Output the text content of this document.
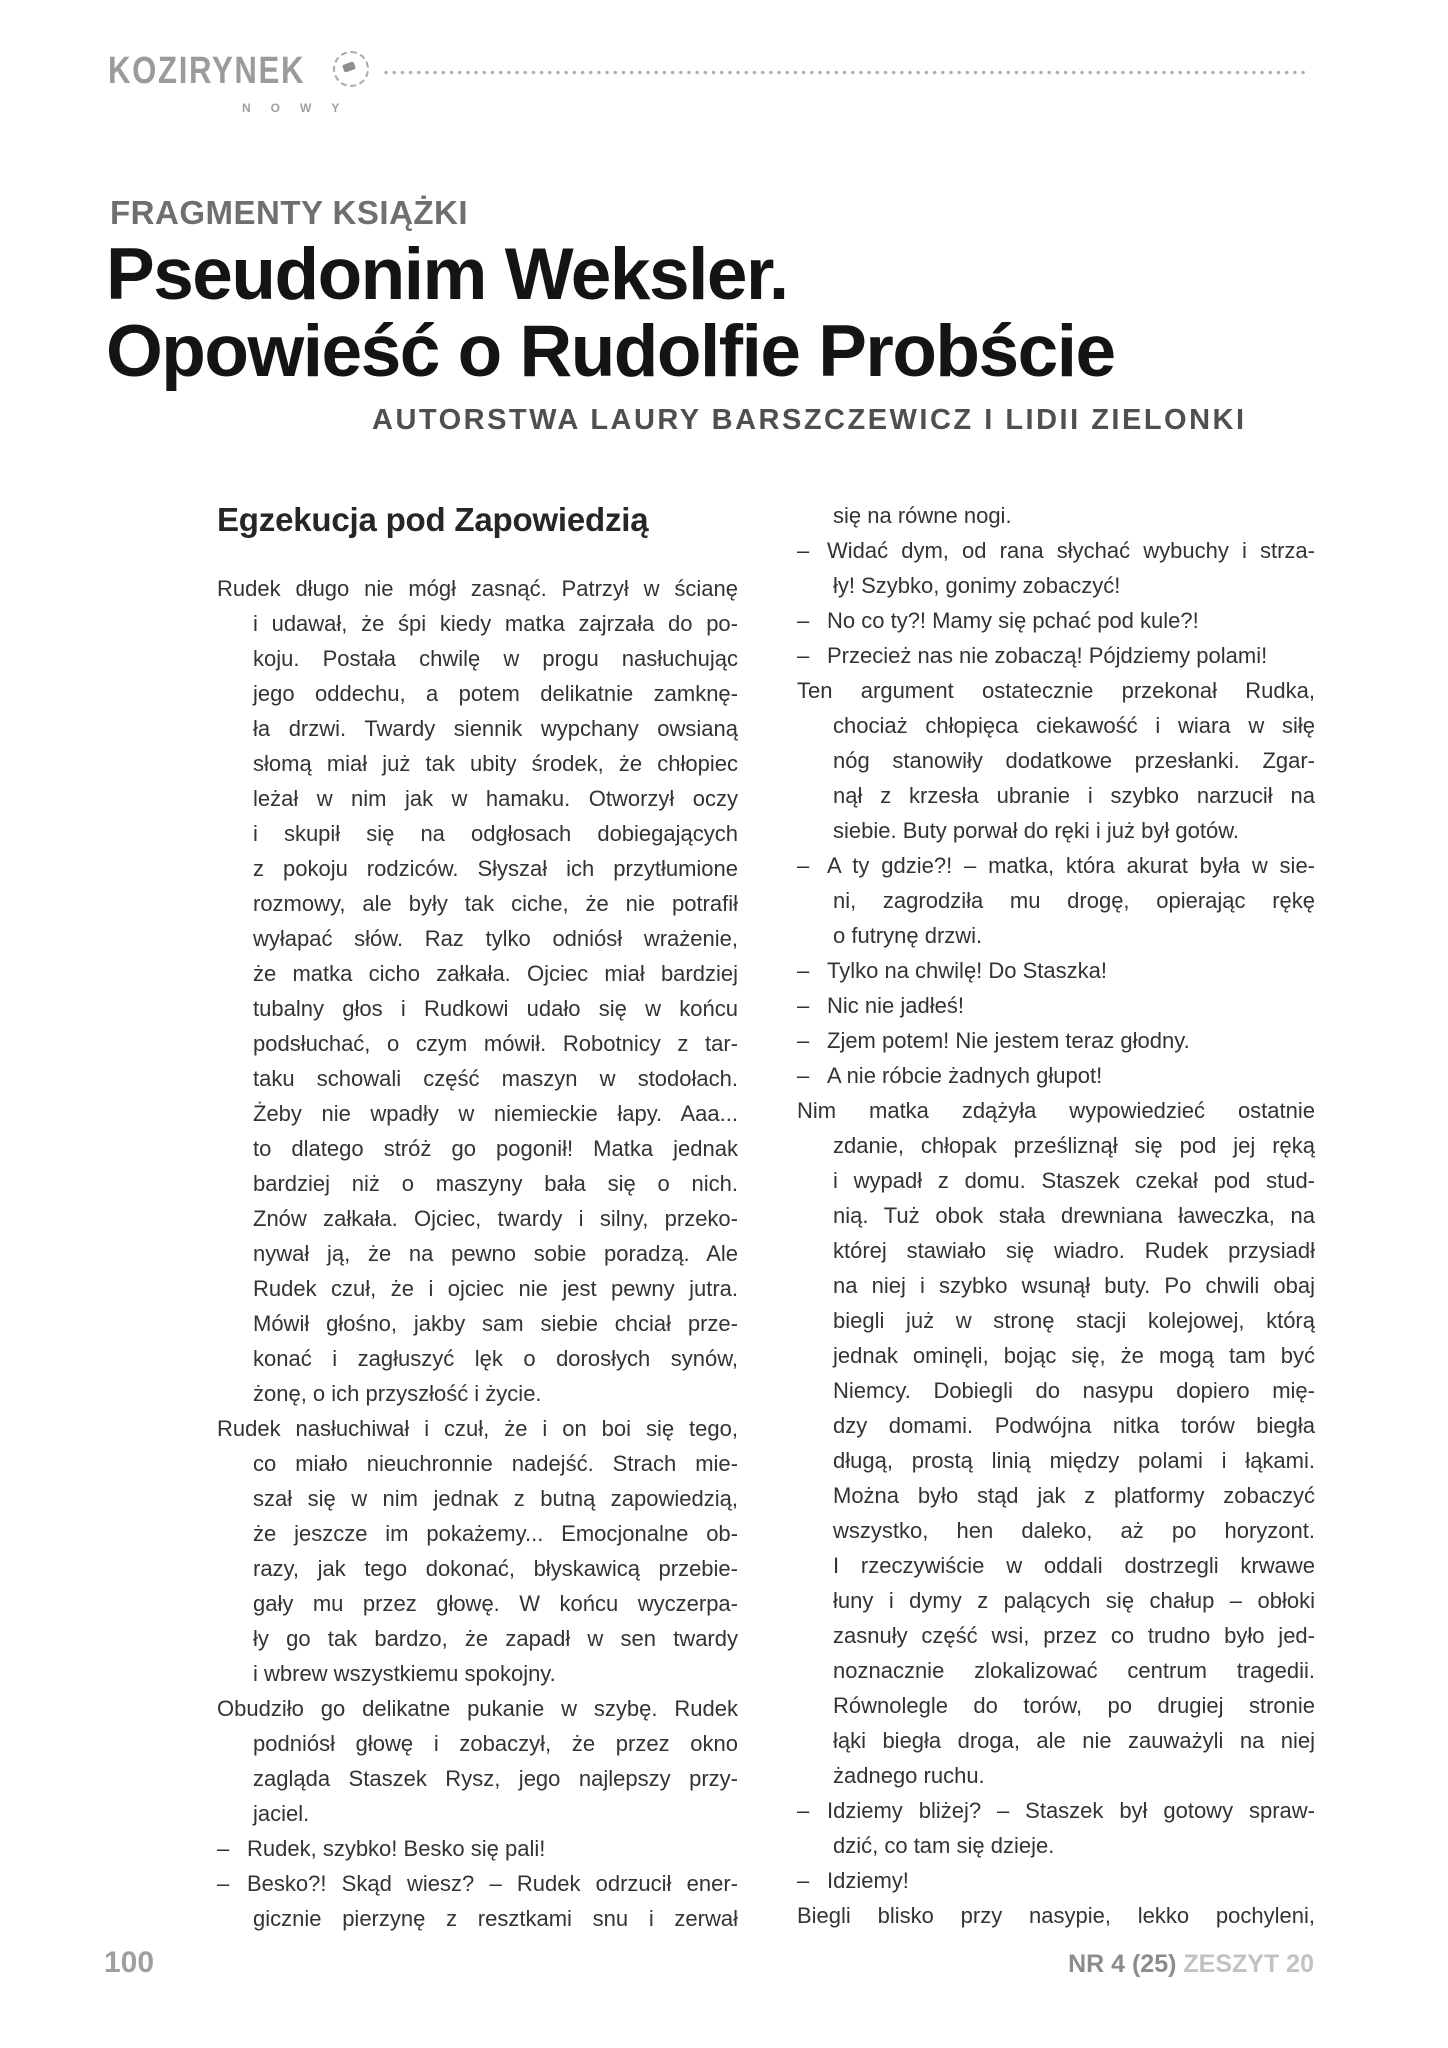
KOZIRYNEK
NOWY
FRAGMENTY KSIĄŻKI
Pseudonim Weksler.
Opowieść o Rudolfie Probście
AUTORSTWA LAURY BARSZCZEWICZ I LIDII ZIELONKI
Egzekucja pod Zapowiedzią
Rudek długo nie mógł zasnąć. Patrzył w ścianę
i udawał, że śpi kiedy matka zajrzała do po-
koju. Postała chwilę w progu nasłuchując
jego oddechu, a potem delikatnie zamknę-
ła drzwi. Twardy siennik wypchany owsianą
słomą miał już tak ubity środek, że chłopiec
leżał w nim jak w hamaku. Otworzył oczy
i skupił się na odgłosach dobiegających
z pokoju rodziców. Słyszał ich przytłumione
rozmowy, ale były tak ciche, że nie potrafił
wyłapać słów. Raz tylko odniósł wrażenie,
że matka cicho załkała. Ojciec miał bardziej
tubalny głos i Rudkowi udało się w końcu
podsłuchać, o czym mówił. Robotnicy z tar-
taku schowali część maszyn w stodołach.
Żeby nie wpadły w niemieckie łapy. Aaa...
to dlatego stróż go pogonił! Matka jednak
bardziej niż o maszyny bała się o nich.
Znów załkała. Ojciec, twardy i silny, przeko-
nywał ją, że na pewno sobie poradzą. Ale
Rudek czuł, że i ojciec nie jest pewny jutra.
Mówił głośno, jakby sam siebie chciał prze-
konać i zagłuszyć lęk o dorosłych synów,
żonę, o ich przyszłość i życie.
Rudek nasłuchiwał i czuł, że i on boi się tego,
co miało nieuchronnie nadejść. Strach mie-
szał się w nim jednak z butną zapowiedzią,
że jeszcze im pokażemy... Emocjonalne ob-
razy, jak tego dokonać, błyskawicą przebie-
gały mu przez głowę. W końcu wyczerpa-
ły go tak bardzo, że zapadł w sen twardy
i wbrew wszystkiemu spokojny.
Obudziło go delikatne pukanie w szybę. Rudek
podniósł głowę i zobaczył, że przez okno
zagląda Staszek Rysz, jego najlepszy przy-
jaciel.
– Rudek, szybko! Besko się pali!
– Besko?! Skąd wiesz? – Rudek odrzucił ener-
gicznie pierzynę z resztkami snu i zerwał
się na równe nogi.
– Widać dym, od rana słychać wybuchy i strza-
ły! Szybko, gonimy zobaczyć!
– No co ty?! Mamy się pchać pod kule?!
– Przecież nas nie zobaczą! Pójdziemy polami!
Ten argument ostatecznie przekonał Rudka,
chociaż chłopięca ciekawość i wiara w siłę
nóg stanowiły dodatkowe przesłanki. Zgar-
nął z krzesła ubranie i szybko narzucił na
siebie. Buty porwał do ręki i już był gotów.
– A ty gdzie?! – matka, która akurat była w sie-
ni, zagrodziła mu drogę, opierając rękę
o futrynę drzwi.
– Tylko na chwilę! Do Staszka!
– Nic nie jadłeś!
– Zjem potem! Nie jestem teraz głodny.
– A nie róbcie żadnych głupot!
Nim matka zdążyła wypowiedzieć ostatnie
zdanie, chłopak prześliznął się pod jej ręką
i wypadł z domu. Staszek czekał pod stud-
nią. Tuż obok stała drewniana ławeczka, na
której stawiało się wiadro. Rudek przysiadł
na niej i szybko wsunął buty. Po chwili obaj
biegli już w stronę stacji kolejowej, którą
jednak ominęli, bojąc się, że mogą tam być
Niemcy. Dobiegli do nasypu dopiero mię-
dzy domami. Podwójna nitka torów biegła
długą, prostą linią między polami i łąkami.
Można było stąd jak z platformy zobaczyć
wszystko, hen daleko, aż po horyzont.
I rzeczywiście w oddali dostrzegli krwawe
łuny i dymy z palących się chałup – obłoki
zasnuły część wsi, przez co trudno było jed-
noznacznie zlokalizować centrum tragedii.
Równolegle do torów, po drugiej stronie
łąki biegła droga, ale nie zauważyli na niej
żadnego ruchu.
– Idziemy bliżej? – Staszek był gotowy spraw-
dzić, co tam się dzieje.
– Idziemy!
Biegli blisko przy nasypie, lekko pochyleni,
100	NR 4 (25) ZESZYT 20
